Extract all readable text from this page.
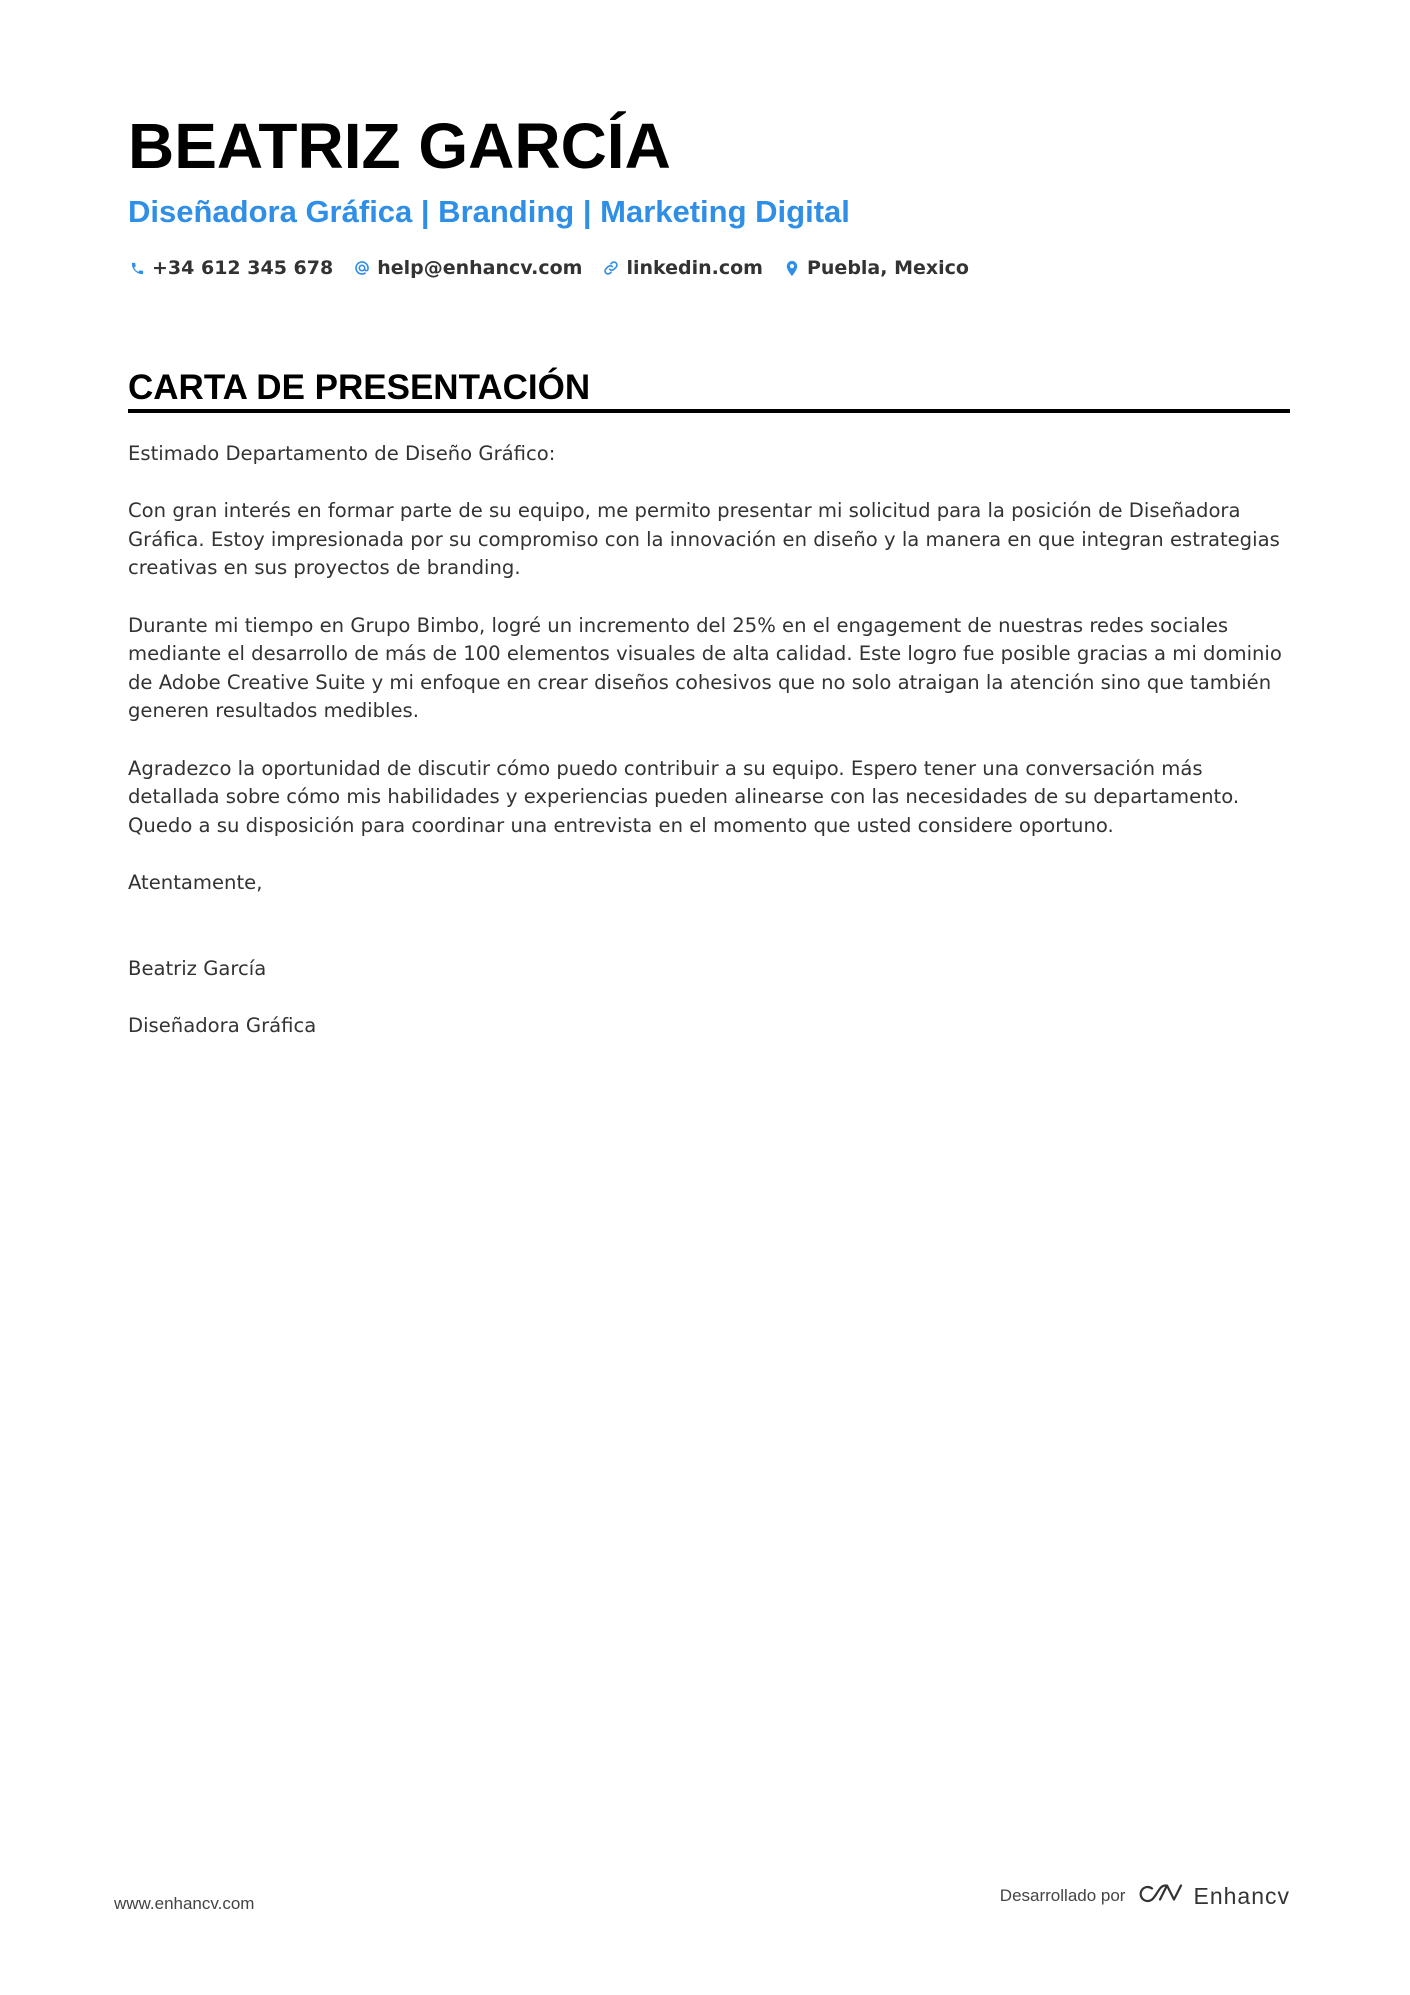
BEATRIZ GARCÍA
Diseñadora Gráfica | Branding | Marketing Digital
+34 612 345 678 help@enhancv.com linkedin.com Puebla, Mexico
CARTA DE PRESENTACIÓN

Estimado Departamento de Diseño Gráfico:

Con gran interés en formar parte de su equipo, me permito presentar mi solicitud para la posición de Diseñadora Gráfica. Estoy impresionada por su compromiso con la innovación en diseño y la manera en que integran estrategias creativas en sus proyectos de branding.

Durante mi tiempo en Grupo Bimbo, logré un incremento del 25% en el engagement de nuestras redes sociales mediante el desarrollo de más de 100 elementos visuales de alta calidad. Este logro fue posible gracias a mi dominio de Adobe Creative Suite y mi enfoque en crear diseños cohesivos que no solo atraigan la atención sino que también generen resultados medibles.

Agradezco la oportunidad de discutir cómo puedo contribuir a su equipo. Espero tener una conversación más detallada sobre cómo mis habilidades y experiencias pueden alinearse con las necesidades de su departamento. Quedo a su disposición para coordinar una entrevista en el momento que usted considere oportuno.

Atentamente,

Beatriz García

Diseñadora Gráfica

www.enhancv.com	Desarrollado por	Enhancv
